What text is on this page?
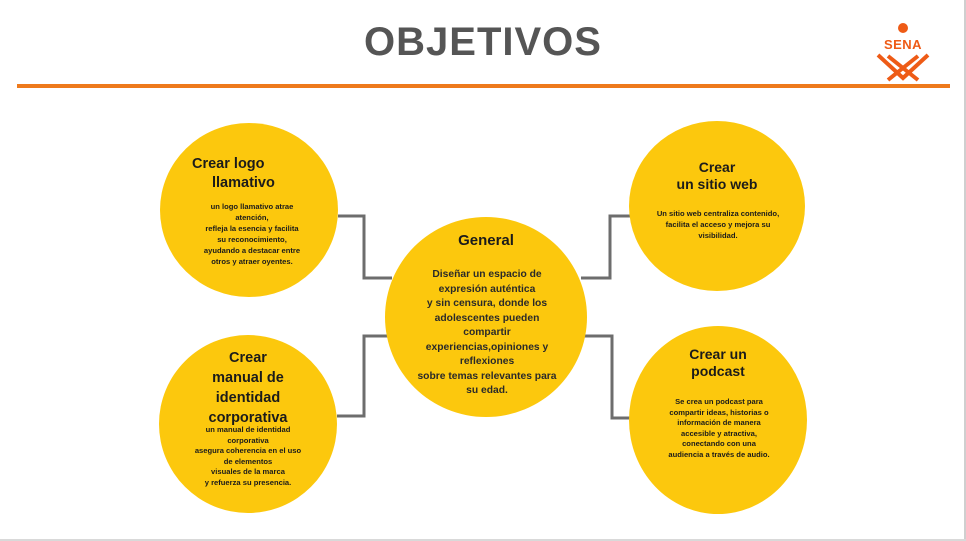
OBJETIVOS	SENA
Crear logo
llamativo
un logo llamativo atrae
atención,
refleja la esencia y facilita
su reconocimiento,
ayudando a destacar entre
otros y atraer oyentes.
Crear
un sitio web
Un sitio web centraliza contenido,
facilita el acceso y mejora su
visibilidad.
General
Diseñar un espacio de
expresión auténtica
y sin censura, donde los
adolescentes pueden
compartir
experiencias,opiniones y
reflexiones
sobre temas relevantes para
su edad.
Crear
manual de
identidad
corporativa
un manual de identidad
corporativa
asegura coherencia en el uso
de elementos
visuales de la marca
y refuerza su presencia.
Crear un
podcast
Se crea un podcast para
compartir ideas, historias o
información de manera
accesible y atractiva,
conectando con una
audiencia a través de audio.
